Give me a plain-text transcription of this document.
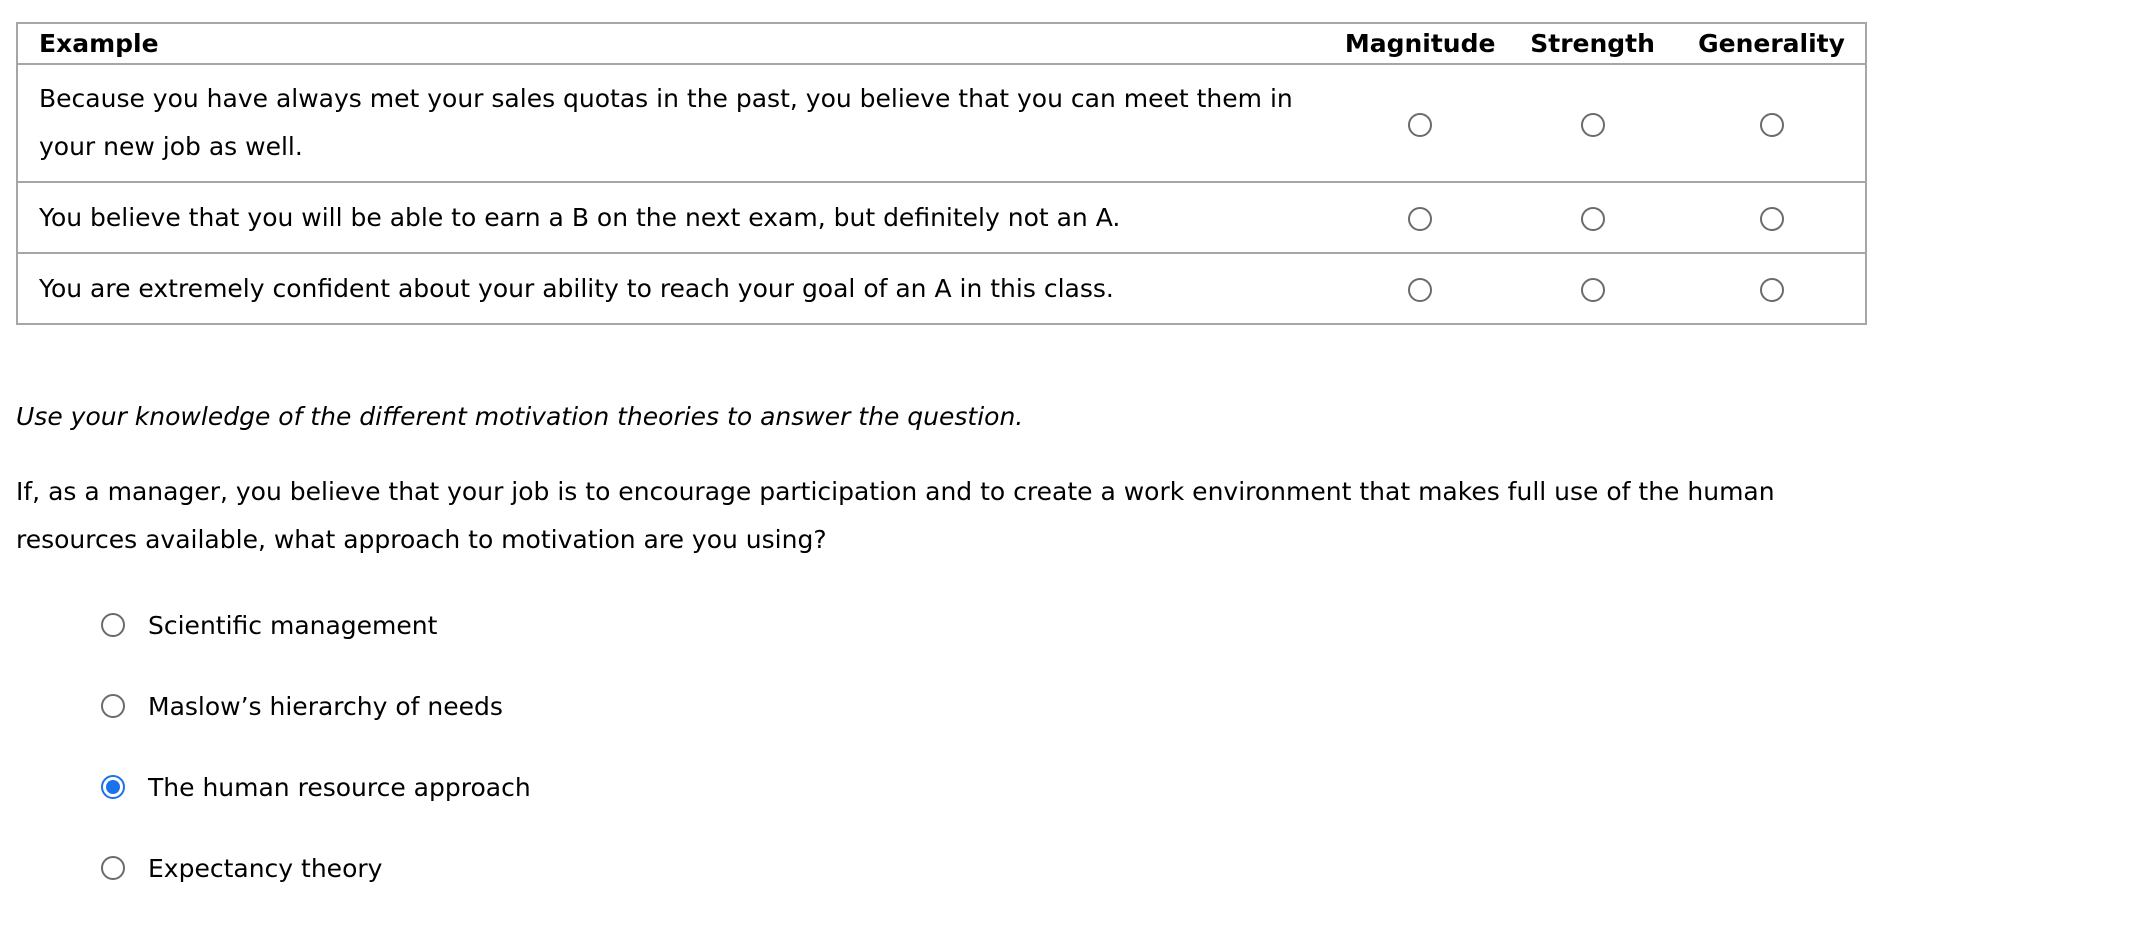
Example	Magnitude	Strength	Generality
Because you have always met your sales quotas in the past, you believe that you can meet them in your new job as well.			
You believe that you will be able to earn a B on the next exam, but definitely not an A.			
You are extremely confident about your ability to reach your goal of an A in this class.			
Use your knowledge of the different motivation theories to answer the question.
If, as a manager, you believe that your job is to encourage participation and to create a work environment that makes full use of the human resources available, what approach to motivation are you using?
Scientific management
Maslow’s hierarchy of needs
The human resource approach
Expectancy theory
